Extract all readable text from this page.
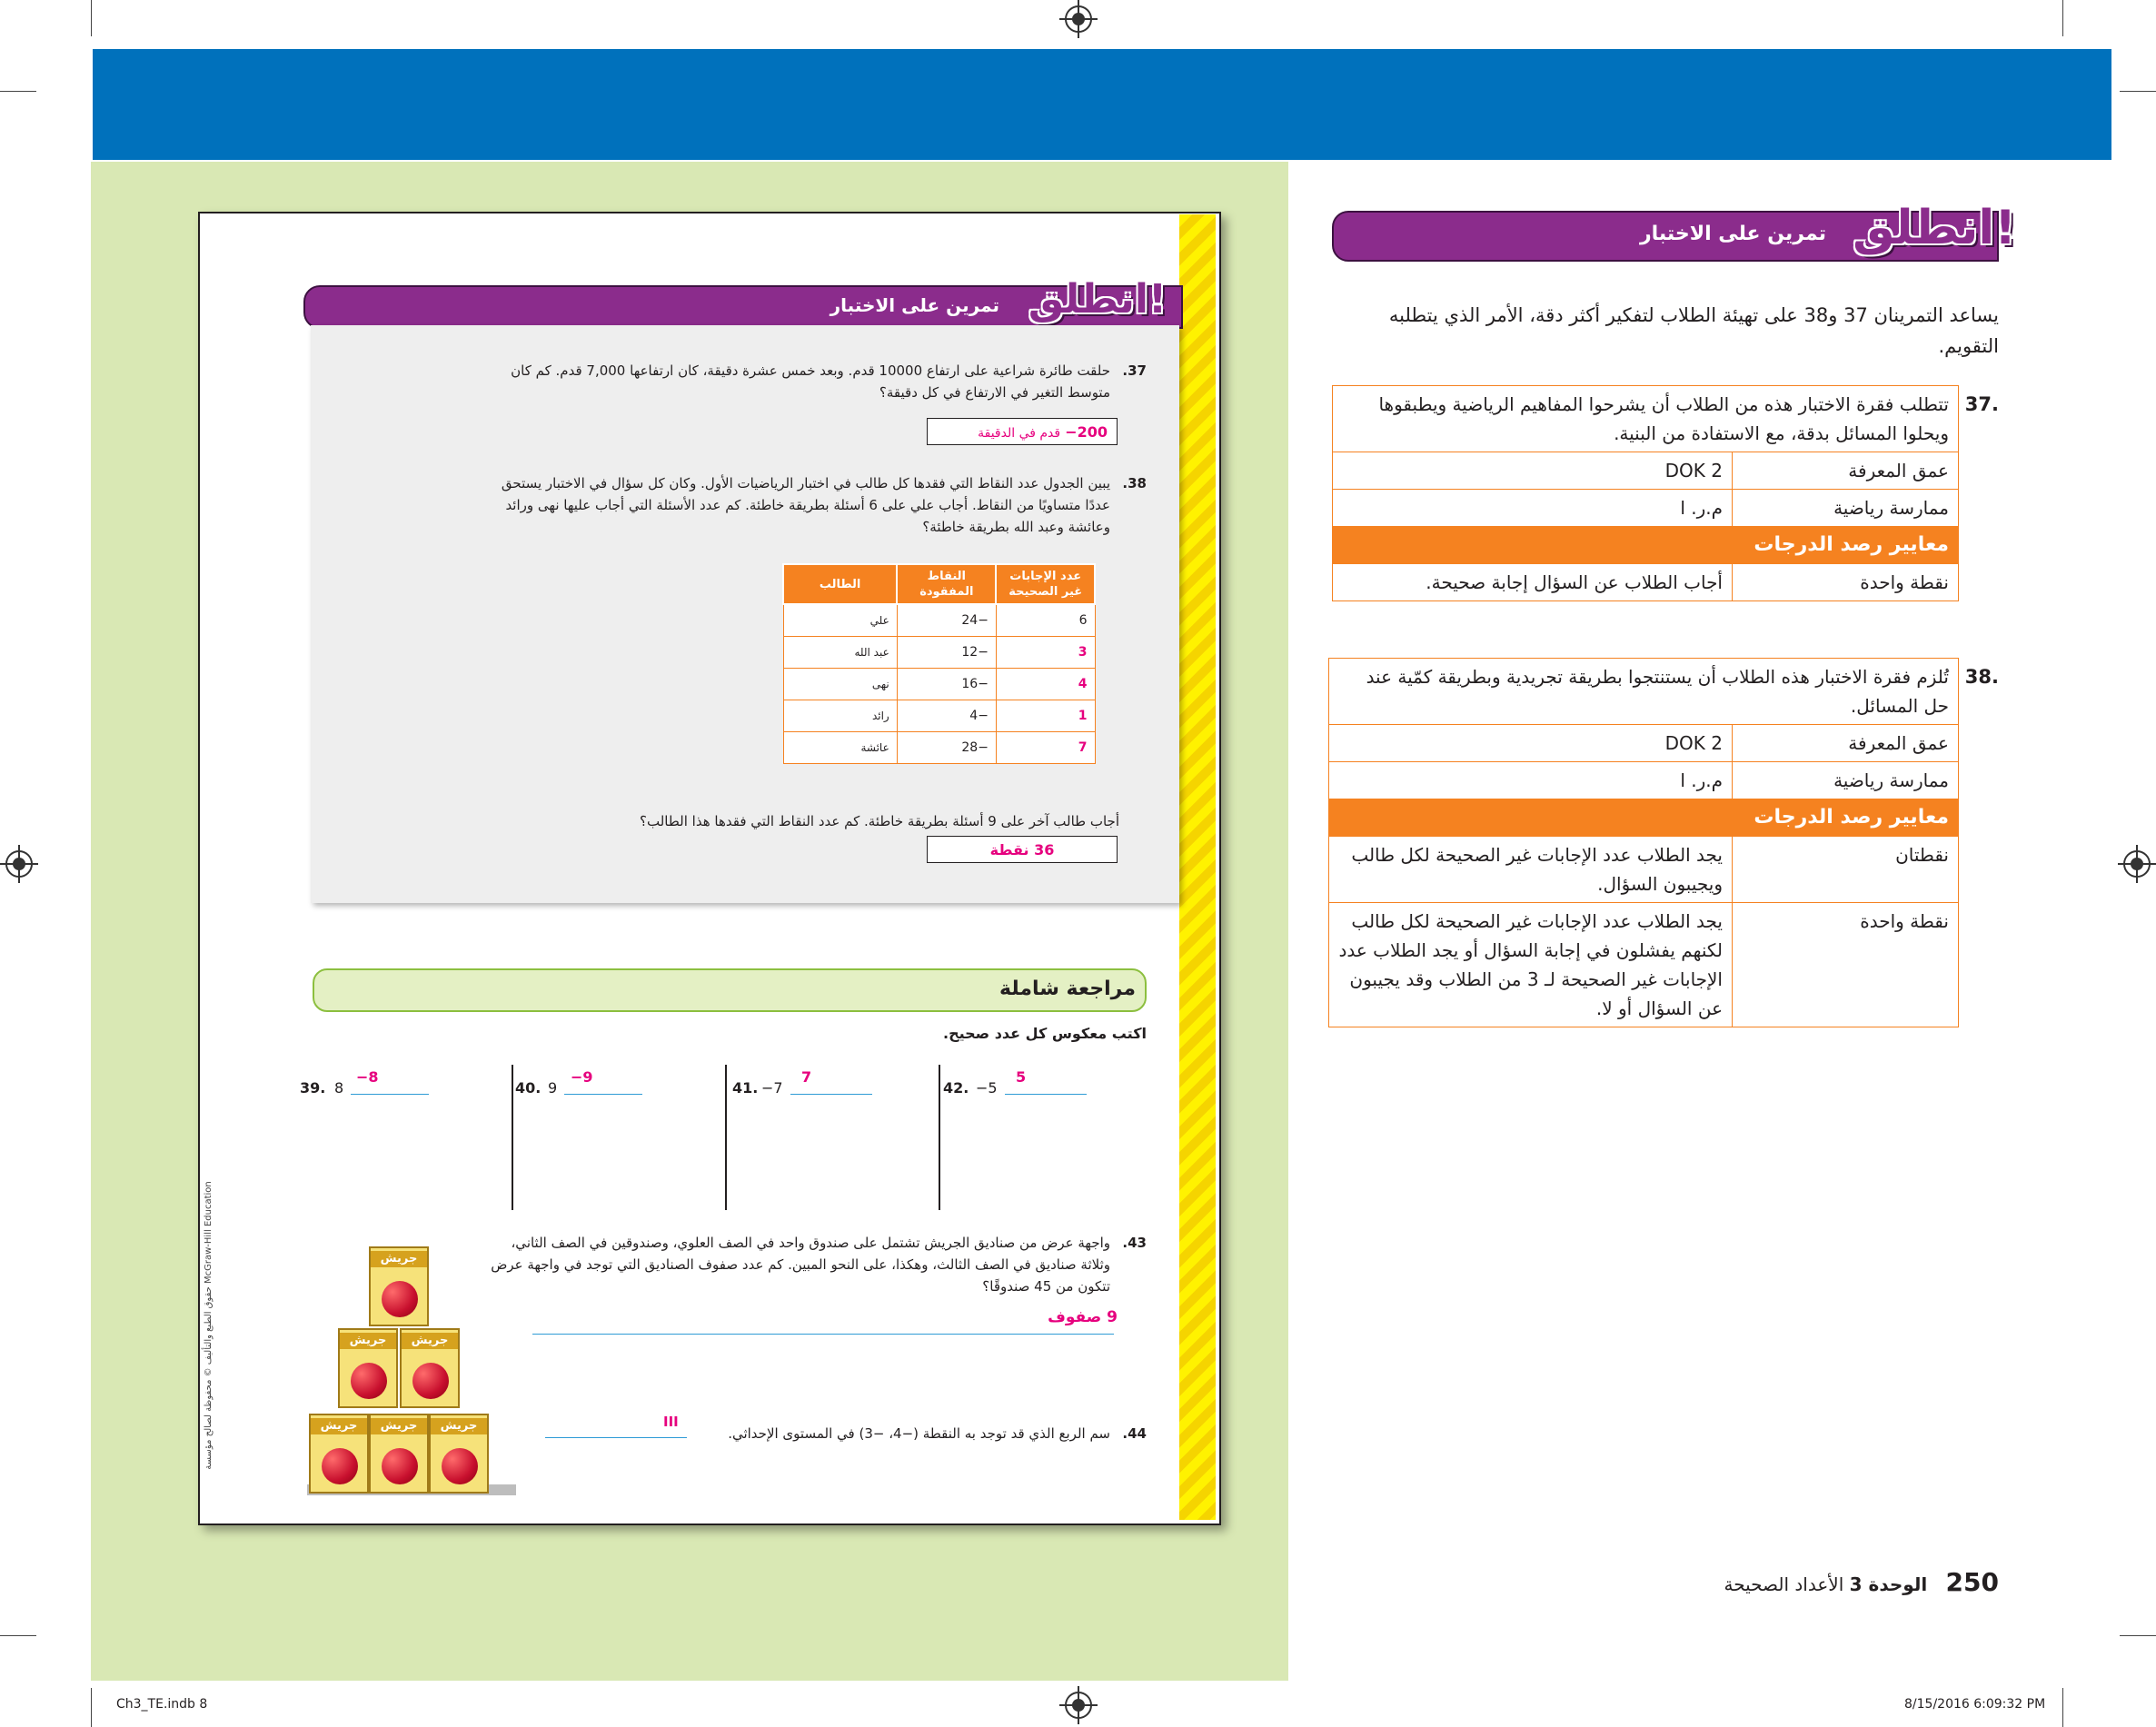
تمرين على الاختبار انطلق!
37.
حلقت طائرة شراعية على ارتفاع 10000 قدم. وبعد خمس عشرة دقيقة، كان ارتفاعها 7,000 قدم. كم كان متوسط التغير في الارتفاع في كل دقيقة؟
200− قدم في الدقيقة
38.
يبين الجدول عدد النقاط التي فقدها كل طالب في اختبار الرياضيات الأول. وكان كل سؤال في الاختبار يستحق عددًا متساويًا من النقاط. أجاب علي على 6 أسئلة بطريقة خاطئة. كم عدد الأسئلة التي أجاب عليها نهى ورائد وعائشة وعبد الله بطريقة خاطئة؟
عدد الإجابات غير الصحيحة	النقاط المفقودة	الطالب
6	−24	علي
3	−12	عبد الله
4	−16	نهى
1	−4	رائد
7	−28	عائشة
أجاب طالب آخر على 9 أسئلة بطريقة خاطئة. كم عدد النقاط التي فقدها هذا الطالب؟
36 نقطة
مراجعة شاملة
اكتب معكوس كل عدد صحيح.
39. 8
−8
40. 9
−9
41. −7
7
42. −5
5
43.
واجهة عرض من صناديق الجريش تشتمل على صندوق واحد في الصف العلوي، وصندوقين في الصف الثاني، وثلاثة صناديق في الصف الثالث، وهكذا، على النحو المبين. كم عدد صفوف الصناديق التي توجد في واجهة عرض تتكون من 45 صندوقًا؟
9 صفوف
جريش
جريش	جريش
جريش	جريش	جريش	44.
سم الربع الذي قد توجد به النقطة (−4، −3) في المستوى الإحداثي.
III
حقوق الطبع والتأليف © محفوظة لصالح مؤسسة McGraw-Hill Education
تمرين على الاختبار انطلق!
يساعد التمرينان 37 و38 على تهيئة الطلاب لتفكير أكثر دقة، الأمر الذي يتطلبه التقويم.
.37
تتطلب فقرة الاختبار هذه من الطلاب أن يشرحوا المفاهيم الرياضية ويطبقوها ويحلوا المسائل بدقة، مع الاستفادة من البنية.	
عمق المعرفة	DOK 2
ممارسة رياضية	م.ر. ا
معايير رصد الدرجات	
نقطة واحدة	أجاب الطلاب عن السؤال إجابة صحيحة.
.38
تُلزم فقرة الاختبار هذه الطلاب أن يستنتجوا بطريقة تجريدية وبطريقة كمّية عند حل المسائل.	
عمق المعرفة	DOK 2
ممارسة رياضية	م.ر. ا
معايير رصد الدرجات	
نقطتان	يجد الطلاب عدد الإجابات غير الصحيحة لكل طالب ويجيبون السؤال.
نقطة واحدة	يجد الطلاب عدد الإجابات غير الصحيحة لكل طالب لكنهم يفشلون في إجابة السؤال أو يجد الطلاب عدد الإجابات غير الصحيحة لـ 3 من الطلاب وقد يجيبون عن السؤال أو لا.
250 الوحدة 3 الأعداد الصحيحة
Ch3_TE.indb 8	8/15/2016 6:09:32 PM
